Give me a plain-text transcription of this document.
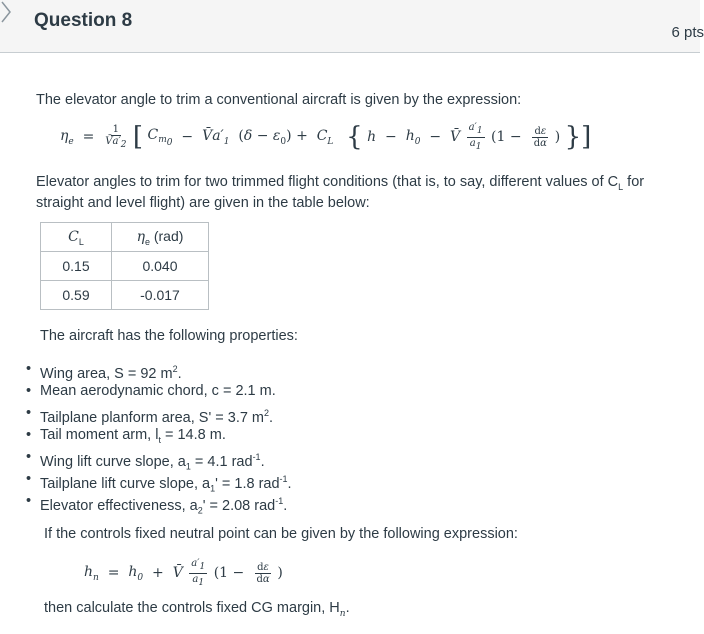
Question 8
6 pts
The elevator angle to trim a conventional aircraft is given by the expression:
$\eta_e = \frac{1}{V̄a'_2}$ [ $C_{m_0}$  −  $V̄a'_1$  $(\delta - \varepsilon_0) + C_L$  { $h - h_0$  −  V̄ $\frac{a'_1}{a_1} (1 - \frac{d\varepsilon}{d\alpha}$ ) }]
Elevator angles to trim for two trimmed flight conditions (that is, to say, different values of $C_L$ for
straight and level flight) are given in the table below:
$C_L$	$\eta_e$ (rad)
0.15	0.040
0.59	-0.017
The aircraft has the following properties:
• Wing area, S = 92 $m^2$.
• Mean aerodynamic chord, c = 2.1 m.
• Tailplane planform area, S' = 3.7 $m^2$.
• Tail moment arm, $l_t = 14.8$ m.
• Wing lift curve slope, $a_1 = 4.1$ rad$^{-1}$.
• Tailplane lift curve slope, $a_1' = 1.8$ rad$^{-1}$.
• Elevator effectiveness, $a_2' = 2.08$ rad$^{-1}$.
If the controls fixed neutral point can be given by the following expression:
$h_n = h_0$  +  V̄ $\frac{a'_1}{a_1} (1 - \frac{d\varepsilon}{d\alpha}$ )
then calculate the controls fixed CG margin, $H_n$.
